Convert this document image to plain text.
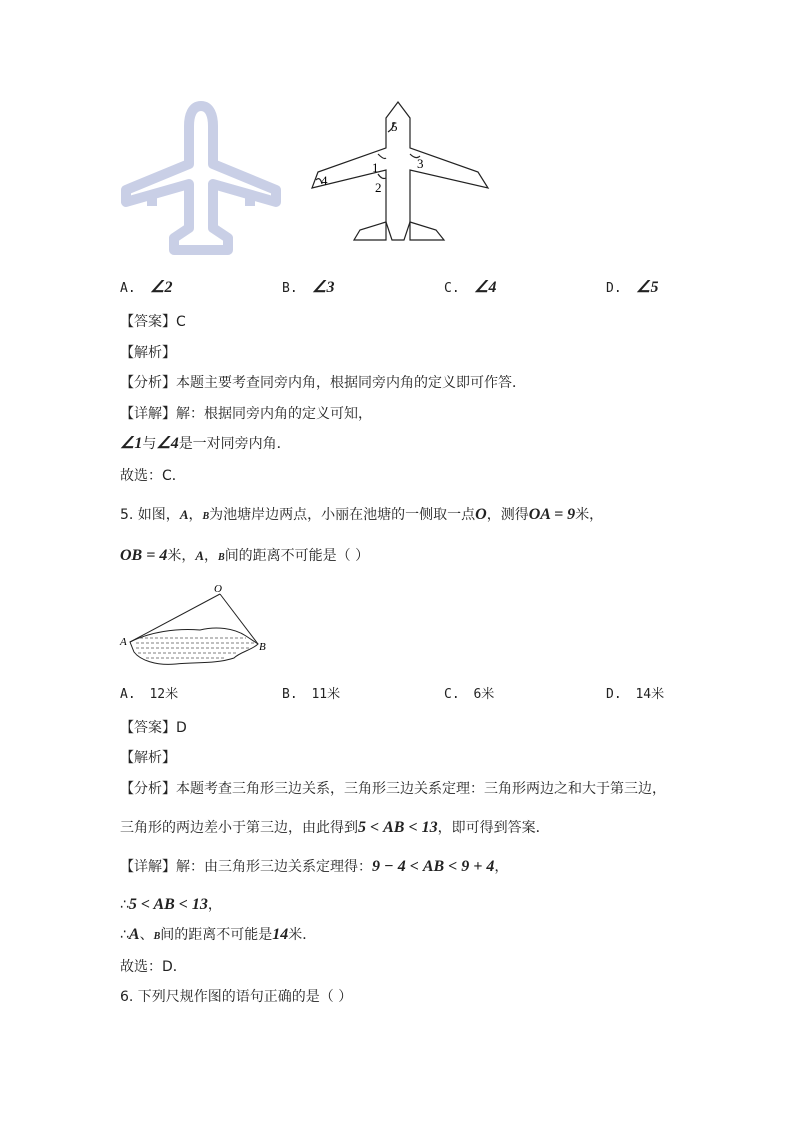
5
1	3
2
4
A. ∠2	B. ∠3	C. ∠4	D. ∠5
【答案】C
【解析】
【分析】本题主要考查同旁内角，根据同旁内角的定义即可作答．
【详解】解：根据同旁内角的定义可知，
∠1与∠4是一对同旁内角．
故选：C．
5. 如图，A，B为池塘岸边两点，小丽在池塘的一侧取一点O，测得OA = 9米，
OB = 4米，A，B间的距离不可能是（ ）
O
A	B
A. 12米	B. 11米	C. 6米	D. 14米
【答案】D
【解析】
【分析】本题考查三角形三边关系，三角形三边关系定理：三角形两边之和大于第三边，
三角形的两边差小于第三边，由此得到5 < AB < 13，即可得到答案．
【详解】解：由三角形三边关系定理得：9 − 4 < AB < 9 + 4，
∴5 < AB < 13，
∴A、B间的距离不可能是14米．
故选：D．
6. 下列尺规作图的语句正确的是（ ）
